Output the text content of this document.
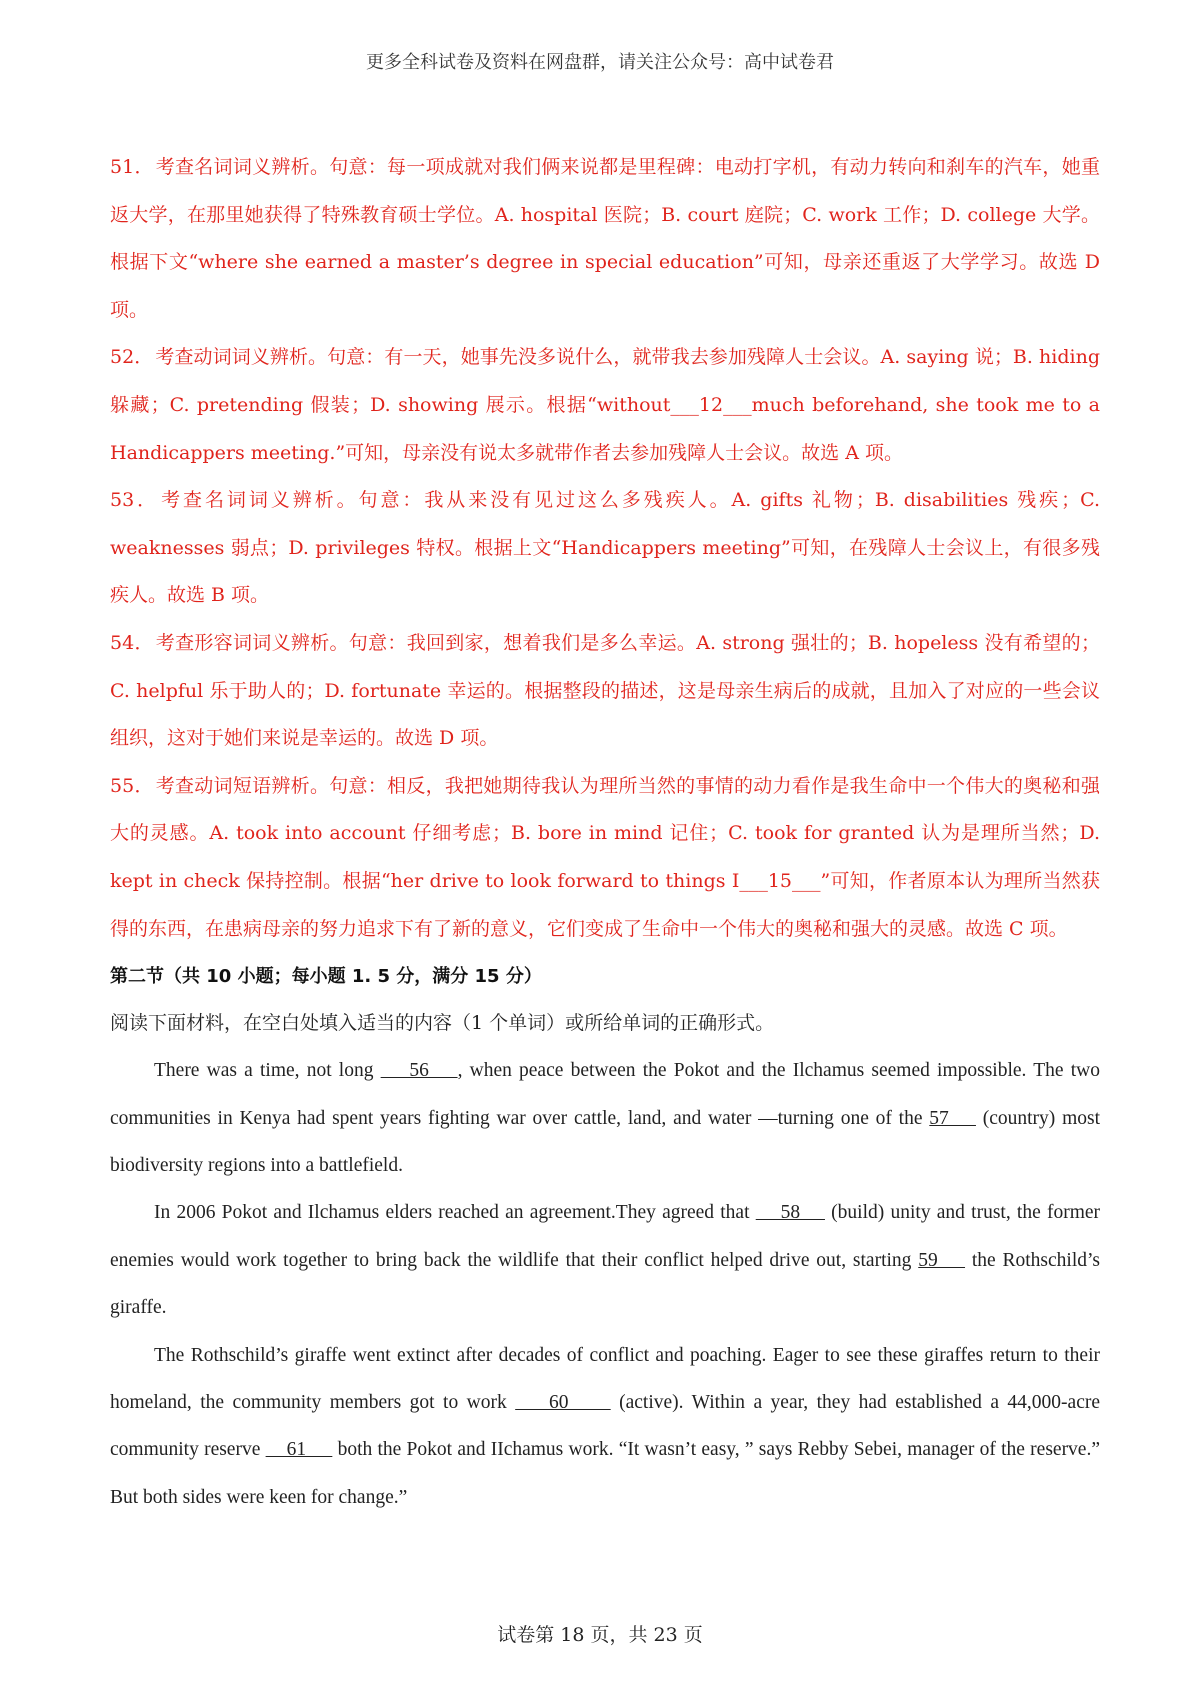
更多全科试卷及资料在网盘群，请关注公众号：高中试卷君

51． 考查名词词义辨析。句意：每一项成就对我们俩来说都是里程碑：电动打字机，有动力转向和刹车的汽车，她重返大学，在那里她获得了特殊教育硕士学位。A. hospital 医院；B. court 庭院；C. work 工作；D. college 大学。根据下文“where she earned a master’s degree in special education”可知，母亲还重返了大学学习。故选 D 项。

52． 考查动词词义辨析。句意：有一天，她事先没多说什么，就带我去参加残障人士会议。A. saying 说；B. hiding 躲藏；C. pretending 假装；D. showing 展示。根据“without___12___much beforehand, she took me to a Handicappers meeting.”可知，母亲没有说太多就带作者去参加残障人士会议。故选 A 项。

53． 考查名词词义辨析。句意：我从来没有见过这么多残疾人。A. gifts 礼物；B. disabilities 残疾；C. weaknesses 弱点；D. privileges 特权。根据上文“Handicappers meeting”可知，在残障人士会议上，有很多残疾人。故选 B 项。

54． 考查形容词词义辨析。句意：我回到家，想着我们是多么幸运。A. strong 强壮的；B. hopeless 没有希望的；C. helpful 乐于助人的；D. fortunate 幸运的。根据整段的描述，这是母亲生病后的成就，且加入了对应的一些会议组织，这对于她们来说是幸运的。故选 D 项。

55． 考查动词短语辨析。句意：相反，我把她期待我认为理所当然的事情的动力看作是我生命中一个伟大的奥秘和强大的灵感。A. took into account 仔细考虑；B. bore in mind 记住；C. took for granted 认为是理所当然；D. kept in check 保持控制。根据“her drive to look forward to things I___15___”可知，作者原本认为理所当然获得的东西，在患病母亲的努力追求下有了新的意义，它们变成了生命中一个伟大的奥秘和强大的灵感。故选 C 项。

第二节（共 10 小题；每小题 1. 5 分，满分 15 分）

阅读下面材料，在空白处填入适当的内容（1 个单词）或所给单词的正确形式。

There was a time, not long     56    , when peace between the Pokot and the Ilchamus seemed impossible. The two communities in Kenya had spent years fighting war over cattle, land, and water —turning one of the 57     (country) most biodiversity regions into a battlefield.

In 2006 Pokot and Ilchamus elders reached an agreement.They agreed that     58     (build) unity and trust, the former enemies would work together to bring back the wildlife that their conflict helped drive out, starting 59     the Rothschild’s giraffe.

The Rothschild’s giraffe went extinct after decades of conflict and poaching. Eager to see these giraffes return to their homeland, the community members got to work     60      (active). Within a year, they had established a 44,000-acre community reserve     61      both the Pokot and IIchamus work. “It wasn’t easy, ” says Rebby Sebei, manager of the reserve.” But both sides were keen for change.”

试卷第 18 页，共 23 页
